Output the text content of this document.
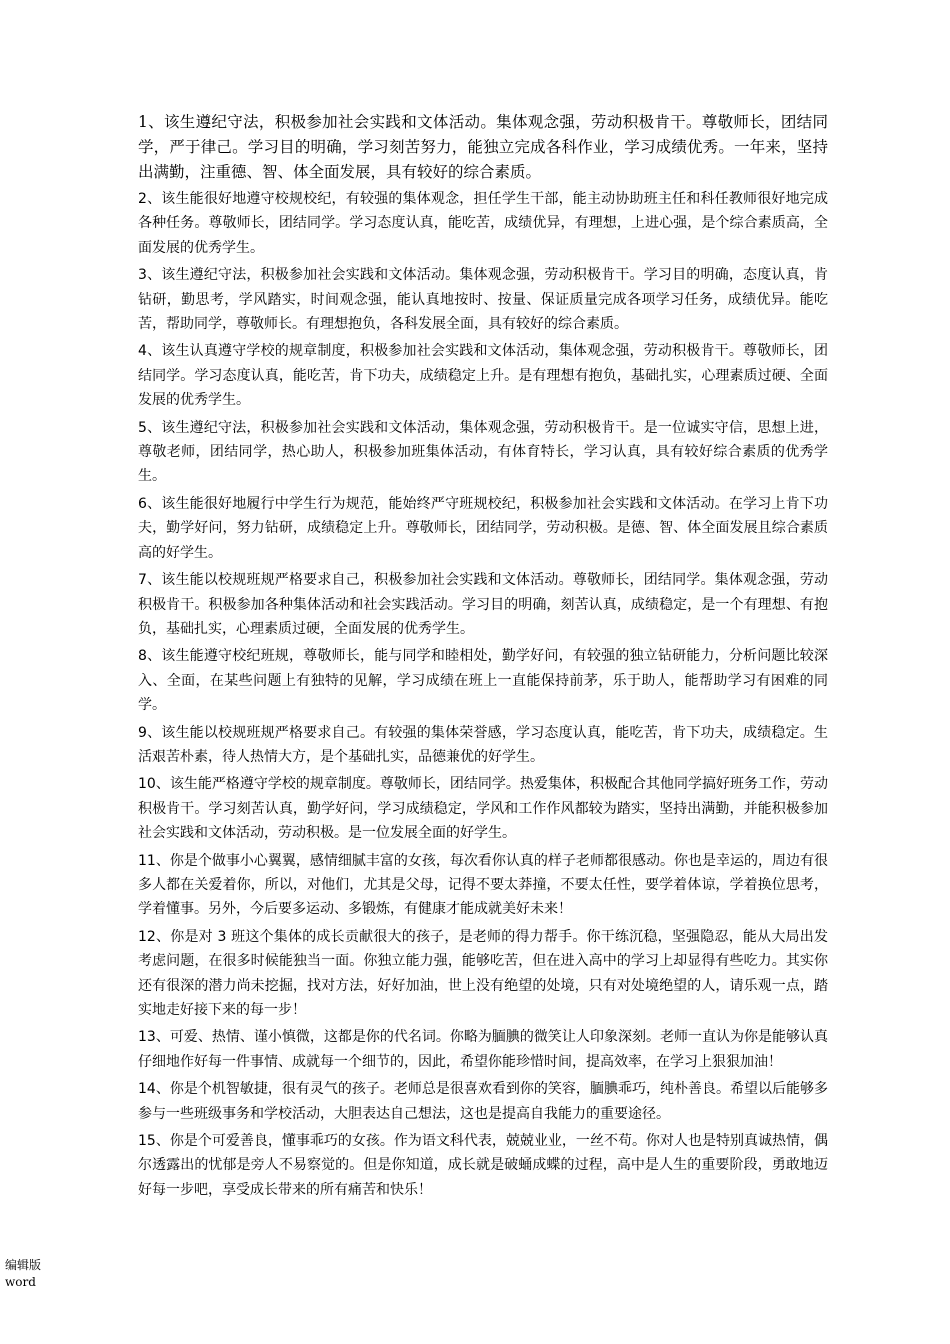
1、该生遵纪守法，积极参加社会实践和文体活动。集体观念强，劳动积极肯干。尊敬师长，团结同学，严于律己。学习目的明确，学习刻苦努力，能独立完成各科作业，学习成绩优秀。一年来，坚持出满勤，注重德、智、体全面发展，具有较好的综合素质。

2、该生能很好地遵守校规校纪，有较强的集体观念，担任学生干部，能主动协助班主任和科任教师很好地完成各种任务。尊敬师长，团结同学。学习态度认真，能吃苦，成绩优异，有理想，上进心强，是个综合素质高，全面发展的优秀学生。

3、该生遵纪守法，积极参加社会实践和文体活动。集体观念强，劳动积极肯干。学习目的明确，态度认真，肯钻研，勤思考，学风踏实，时间观念强，能认真地按时、按量、保证质量完成各项学习任务，成绩优异。能吃苦，帮助同学，尊敬师长。有理想抱负，各科发展全面，具有较好的综合素质。

4、该生认真遵守学校的规章制度，积极参加社会实践和文体活动，集体观念强，劳动积极肯干。尊敬师长，团结同学。学习态度认真，能吃苦，肯下功夫，成绩稳定上升。是有理想有抱负，基础扎实，心理素质过硬、全面发展的优秀学生。

5、该生遵纪守法，积极参加社会实践和文体活动，集体观念强，劳动积极肯干。是一位诚实守信，思想上进，尊敬老师，团结同学，热心助人，积极参加班集体活动，有体育特长，学习认真，具有较好综合素质的优秀学生。

6、该生能很好地履行中学生行为规范，能始终严守班规校纪，积极参加社会实践和文体活动。在学习上肯下功夫，勤学好问，努力钻研，成绩稳定上升。尊敬师长，团结同学，劳动积极。是德、智、体全面发展且综合素质高的好学生。

7、该生能以校规班规严格要求自己，积极参加社会实践和文体活动。尊敬师长，团结同学。集体观念强，劳动积极肯干。积极参加各种集体活动和社会实践活动。学习目的明确，刻苦认真，成绩稳定，是一个有理想、有抱负，基础扎实，心理素质过硬，全面发展的优秀学生。

8、该生能遵守校纪班规，尊敬师长，能与同学和睦相处，勤学好问，有较强的独立钻研能力，分析问题比较深入、全面，在某些问题上有独特的见解，学习成绩在班上一直能保持前茅，乐于助人，能帮助学习有困难的同学。

9、该生能以校规班规严格要求自己。有较强的集体荣誉感，学习态度认真，能吃苦，肯下功夫，成绩稳定。生活艰苦朴素，待人热情大方，是个基础扎实，品德兼优的好学生。

10、该生能严格遵守学校的规章制度。尊敬师长，团结同学。热爱集体，积极配合其他同学搞好班务工作，劳动积极肯干。学习刻苦认真，勤学好问，学习成绩稳定，学风和工作作风都较为踏实，坚持出满勤，并能积极参加社会实践和文体活动，劳动积极。是一位发展全面的好学生。

11、你是个做事小心翼翼，感情细腻丰富的女孩，每次看你认真的样子老师都很感动。你也是幸运的，周边有很多人都在关爱着你，所以，对他们，尤其是父母，记得不要太莽撞，不要太任性，要学着体谅，学着换位思考，学着懂事。另外，今后要多运动、多锻炼，有健康才能成就美好未来！

12、你是对 3 班这个集体的成长贡献很大的孩子，是老师的得力帮手。你干练沉稳，坚强隐忍，能从大局出发考虑问题，在很多时候能独当一面。你独立能力强，能够吃苦，但在进入高中的学习上却显得有些吃力。其实你还有很深的潜力尚未挖掘，找对方法，好好加油，世上没有绝望的处境，只有对处境绝望的人，请乐观一点，踏实地走好接下来的每一步！

13、可爱、热情、谨小慎微，这都是你的代名词。你略为腼腆的微笑让人印象深刻。老师一直认为你是能够认真仔细地作好每一件事情、成就每一个细节的，因此，希望你能珍惜时间，提高效率，在学习上狠狠加油！

14、你是个机智敏捷，很有灵气的孩子。老师总是很喜欢看到你的笑容，腼腆乖巧，纯朴善良。希望以后能够多参与一些班级事务和学校活动，大胆表达自己想法，这也是提高自我能力的重要途径。

15、你是个可爱善良，懂事乖巧的女孩。作为语文科代表，兢兢业业，一丝不苟。你对人也是特别真诚热情，偶尔透露出的忧郁是旁人不易察觉的。但是你知道，成长就是破蛹成蝶的过程，高中是人生的重要阶段，勇敢地迈好每一步吧，享受成长带来的所有痛苦和快乐！

编辑版
word
